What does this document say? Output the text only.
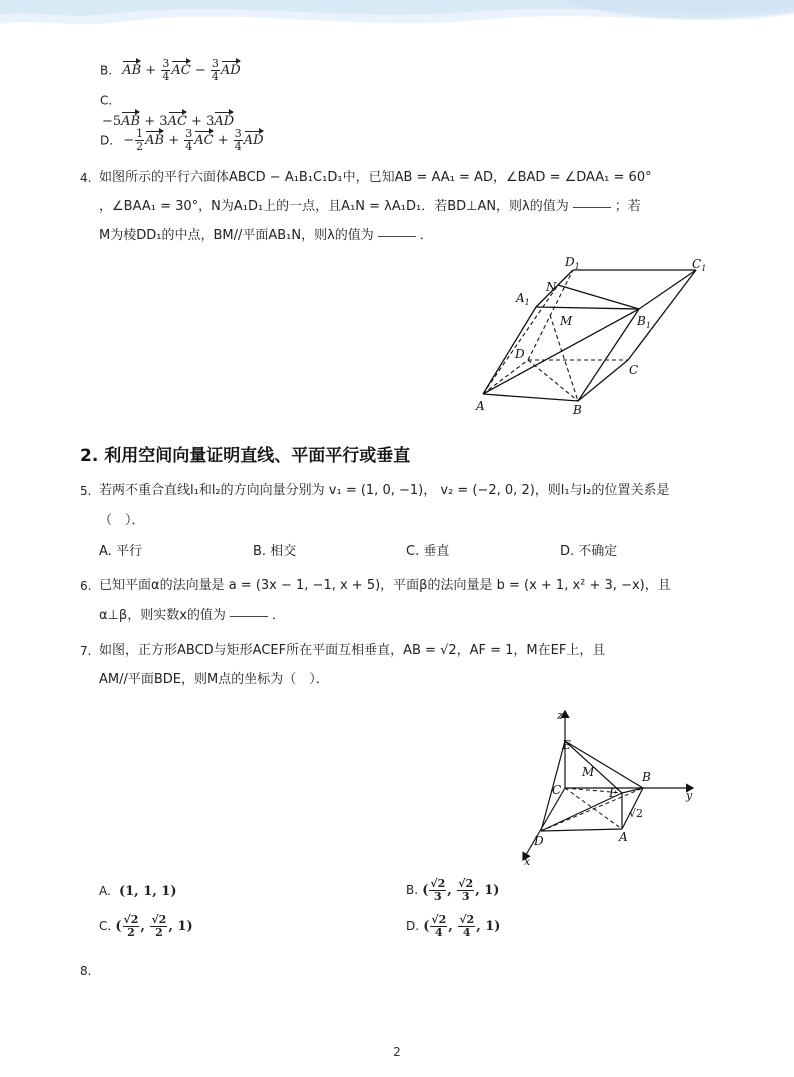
B. AB + $\frac{3}{4}$ AC − $\frac{3}{4}$ AD
C.
−5AB + 3AC + 3AD
D. − $\frac{1}{2}$ AB + $\frac{3}{4}$ AC + $\frac{3}{4}$ AD
4. 如图所示的平行六面体ABCD − A₁B₁C₁D₁中，已知AB = AA₁ = AD，∠BAD = ∠DAA₁ = 60°
，∠BAA₁ = 30°，N为A₁D₁上的一点，且A₁N = λA₁D₁．若BD⊥AN，则λ的值为	；若
M为棱DD₁的中点，BM//平面AB₁N，则λ的值为	．
$D_1$	$C_1$
$A_1$
N
M	$B_1$
D
C
A	B
2. 利用空间向量证明直线、平面平行或垂直
5. 若两不重合直线l₁和l₂的方向向量分别为 v₁ = (1, 0, −1)， v₂ = (−2, 0, 2)，则l₁与l₂的位置关系是
（　）．
A. 平行	B. 相交	C. 垂直	D. 不确定
6. 已知平面α的法向量是 a = (3x − 1, −1, x + 5)，平面β的法向量是 b = (x + 1, x² + 3, −x)，且
α⊥β，则实数x的值为	．
7. 如图，正方形ABCD与矩形ACEF所在平面互相垂直，AB = √2，AF = 1，M在EF上，且
AM//平面BDE，则M点的坐标为（　）．
z
E
M	B
C	F	y
√2
D	A
x
A. (1, 1, 1)	B. ( $\frac{√2}{3}$ , $\frac{√2}{3}$ , 1)
C. ( $\frac{√2}{2}$ , $\frac{√2}{2}$ , 1)	D. ( $\frac{√2}{4}$ , $\frac{√2}{4}$ , 1)
8.
2
